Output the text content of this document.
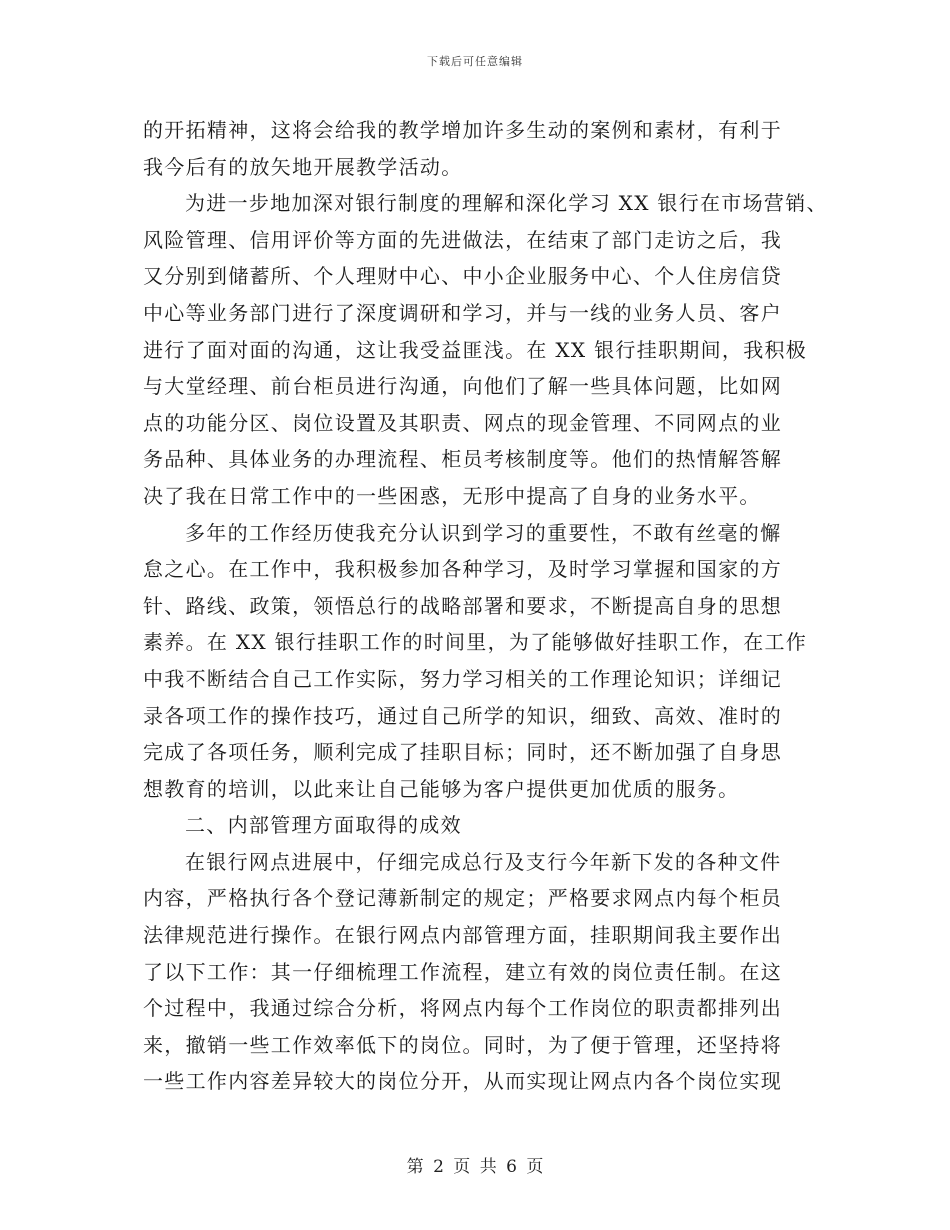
下载后可任意编辑
的开拓精神，这将会给我的教学增加许多生动的案例和素材，有利于
我今后有的放矢地开展教学活动。
为进一步地加深对银行制度的理解和深化学习 XX 银行在市场营销、
风险管理、信用评价等方面的先进做法，在结束了部门走访之后，我
又分别到储蓄所、个人理财中心、中小企业服务中心、个人住房信贷
中心等业务部门进行了深度调研和学习，并与一线的业务人员、客户
进行了面对面的沟通，这让我受益匪浅。在 XX 银行挂职期间，我积极
与大堂经理、前台柜员进行沟通，向他们了解一些具体问题，比如网
点的功能分区、岗位设置及其职责、网点的现金管理、不同网点的业
务品种、具体业务的办理流程、柜员考核制度等。他们的热情解答解
决了我在日常工作中的一些困惑，无形中提高了自身的业务水平。
多年的工作经历使我充分认识到学习的重要性，不敢有丝毫的懈
怠之心。在工作中，我积极参加各种学习，及时学习掌握和国家的方
针、路线、政策，领悟总行的战略部署和要求，不断提高自身的思想
素养。在 XX 银行挂职工作的时间里，为了能够做好挂职工作，在工作
中我不断结合自己工作实际，努力学习相关的工作理论知识；详细记
录各项工作的操作技巧，通过自己所学的知识，细致、高效、准时的
完成了各项任务，顺利完成了挂职目标；同时，还不断加强了自身思
想教育的培训，以此来让自己能够为客户提供更加优质的服务。
二、内部管理方面取得的成效
在银行网点进展中，仔细完成总行及支行今年新下发的各种文件
内容，严格执行各个登记薄新制定的规定；严格要求网点内每个柜员
法律规范进行操作。在银行网点内部管理方面，挂职期间我主要作出
了以下工作：其一仔细梳理工作流程，建立有效的岗位责任制。在这
个过程中，我通过综合分析，将网点内每个工作岗位的职责都排列出
来，撤销一些工作效率低下的岗位。同时，为了便于管理，还坚持将
一些工作内容差异较大的岗位分开，从而实现让网点内各个岗位实现
第 2 页 共 6 页
